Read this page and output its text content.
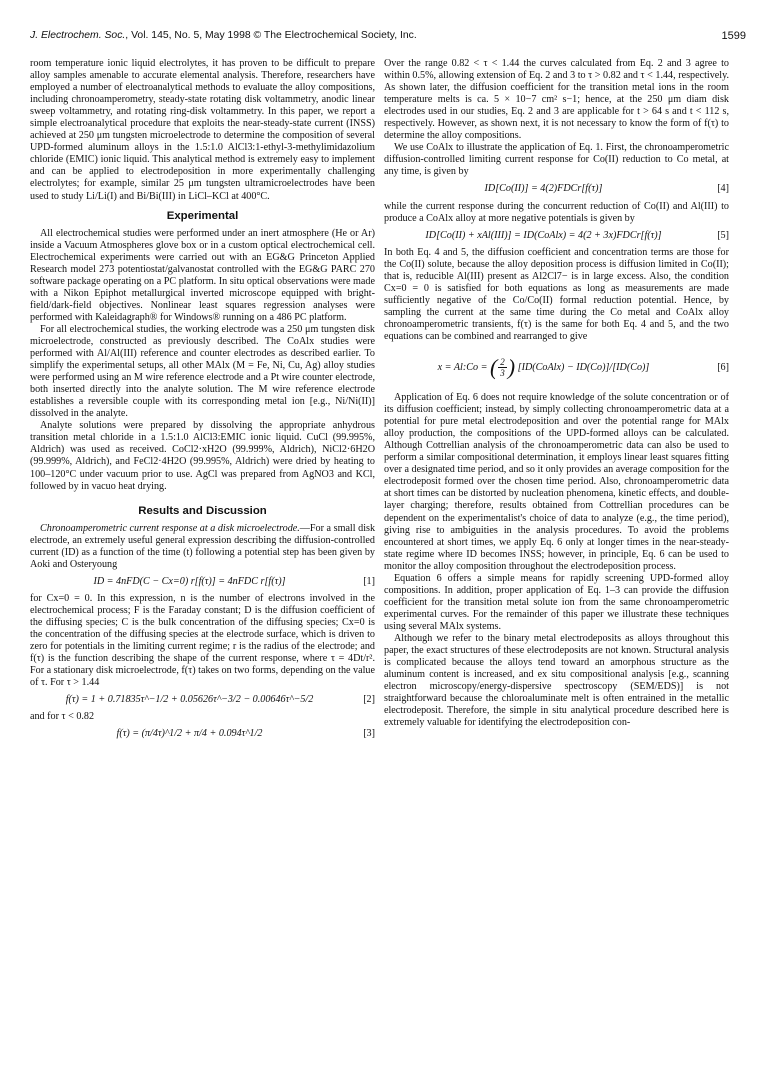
J. Electrochem. Soc., Vol. 145, No. 5, May 1998 © The Electrochemical Society, Inc.	1599

room temperature ionic liquid electrolytes, it has proven to be difficult to prepare alloy samples amenable to accurate elemental analysis. Therefore, researchers have employed a number of electroanalytical methods to evaluate the alloy compositions, including chronoamperometry, steady-state rotating disk voltammetry, anodic linear sweep voltammetry, and rotating ring-disk voltammetry. In this paper, we report a simple electroanalytical procedure that exploits the near-steady-state current (INSS) achieved at 250 μm tungsten microelectrode to determine the composition of several UPD-formed aluminum alloys in the 1.5:1.0 AlCl3:1-ethyl-3-methylimidazolium chloride (EMIC) ionic liquid. This analytical method is extremely easy to implement and can be applied to electrodeposition in more experimentally challenging electrolytes; for example, similar 25 μm tungsten ultramicroelectrodes have been used to study Li/Li(I) and Bi/Bi(III) in LiCl–KCl at 400°C.

Experimental

All electrochemical studies were performed under an inert atmosphere (He or Ar) inside a Vacuum Atmospheres glove box or in a custom optical electrochemical cell. Electrochemical experiments were carried out with an EG&G Princeton Applied Research model 273 potentiostat/galvanostat controlled with the EG&G PARC 270 software package operating on a PC platform. In situ optical observations were made with a Nikon Epiphot metallurgical inverted microscope equipped with bright-field/dark-field objectives. Nonlinear least squares regression analyses were performed with Kaleidagraph® for Windows® running on a 486 PC platform.

For all electrochemical studies, the working electrode was a 250 μm tungsten disk microelectrode, constructed as previously described. The CoAlx studies were performed with Al/Al(III) reference and counter electrodes as described earlier. To simplify the experimental setups, all other MAlx (M = Fe, Ni, Cu, Ag) alloy studies were performed using an M wire reference electrode and a Pt wire counter electrode, both inserted directly into the analyte solution. The M wire reference electrode establishes a reversible couple with its corresponding metal ion [e.g., Ni/Ni(II)] dissolved in the analyte.

Analyte solutions were prepared by dissolving the appropriate anhydrous transition metal chloride in a 1.5:1.0 AlCl3:EMIC ionic liquid. CuCl (99.995%, Aldrich) was used as received. CoCl2·xH2O (99.999%, Aldrich), NiCl2·6H2O (99.999%, Aldrich), and FeCl2·4H2O (99.995%, Aldrich) were dried by heating to 100–120°C under vacuum prior to use. AgCl was prepared from AgNO3 and KCl, followed by in vacuo heat drying.

Results and Discussion

Chronoamperometric current response at a disk microelectrode.—For a small disk electrode, an extremely useful general expression describing the diffusion-controlled current (ID) as a function of the time (t) following a potential step has been given by Aoki and Osteryoung

ID = 4nFD(C − Cx=0) r[f(τ)] = 4nFDC r[f(τ)]	[1]

for Cx=0 = 0. In this expression, n is the number of electrons involved in the electrochemical process; F is the Faraday constant; D is the diffusion coefficient of the diffusing species; C is the bulk concentration of the diffusing species; Cx=0 is the concentration of the diffusing species at the electrode surface, which is driven to zero for potentials in the limiting current regime; r is the radius of the electrode; and f(τ) is the function describing the shape of the current response, where τ = 4Dt/r². For a stationary disk microelectrode, f(τ) takes on two forms, depending on the value of τ. For τ > 1.44

f(τ) = 1 + 0.71835τ^−1/2 + 0.05626τ^−3/2 − 0.00646τ^−5/2	[2]

and for τ < 0.82

f(τ) = (π/4τ)^1/2 + π/4 + 0.094τ^1/2	[3]

Over the range 0.82 < τ < 1.44 the curves calculated from Eq. 2 and 3 agree to within 0.5%, allowing extension of Eq. 2 and 3 to τ > 0.82 and τ < 1.44, respectively. As shown later, the diffusion coefficient for the transition metal ions in the room temperature melts is ca. 5 × 10−7 cm² s−1; hence, at the 250 μm diam disk electrodes used in our studies, Eq. 2 and 3 are applicable for t > 64 s and t < 112 s, respectively. However, as shown next, it is not necessary to know the form of f(τ) to determine the alloy compositions.

We use CoAlx to illustrate the application of Eq. 1. First, the chronoamperometric diffusion-controlled limiting current response for Co(II) reduction to Co metal, at any time, is given by

ID[Co(II)] = 4(2)FDCr[f(τ)]	[4]

while the current response during the concurrent reduction of Co(II) and Al(III) to produce a CoAlx alloy at more negative potentials is given by

ID[Co(II) + xAl(III)] = ID(CoAlx) = 4(2 + 3x)FDCr[f(τ)]	[5]

In both Eq. 4 and 5, the diffusion coefficient and concentration terms are those for the Co(II) solute, because the alloy deposition process is diffusion limited in Co(II); that is, reducible Al(III) present as Al2Cl7− is in large excess. Also, the condition Cx=0 = 0 is satisfied for both equations as long as measurements are made sufficiently negative of the Co/Co(II) formal reduction potential. Hence, by sampling the current at the same time during the Co metal and CoAlx alloy chronoamperometric transients, f(τ) is the same for both Eq. 4 and 5, and the two equations can be combined and rearranged to give

x = Al:Co = ( $\frac{2}{3}$ ) [ID(CoAlx) − ID(Co)]/[ID(Co)]	[6]

Application of Eq. 6 does not require knowledge of the solute concentration or of its diffusion coefficient; instead, by simply collecting chronoamperometric data at a potential for pure metal electrodeposition and over the potential range for MAlx alloy production, the compositions of the UPD-formed alloys can be calculated. Although Cottrellian analysis of the chronoamperometric data can also be used to perform a similar compositional determination, it employs linear least squares fitting over a designated time period, and so it only provides an average composition for the electrodeposit formed over the chosen time period. Also, chronoamperometric data at short times can be distorted by nucleation phenomena, kinetic effects, and double-layer charging; therefore, results obtained from Cottrellian procedures can be dependent on the experimentalist's choice of data to analyze (e.g., the time period), giving rise to ambiguities in the analysis procedures. To avoid the problems encountered at short times, we apply Eq. 6 only at longer times in the near-steady-state regime where ID becomes INSS; however, in principle, Eq. 6 can be used to monitor the alloy composition throughout the electrodeposition process.

Equation 6 offers a simple means for rapidly screening UPD-formed alloy compositions. In addition, proper application of Eq. 1–3 can provide the diffusion coefficient for the transition metal solute ion from the same chronoamperometric experimental curves. For the remainder of this paper we illustrate these techniques using several MAlx systems.

Although we refer to the binary metal electrodeposits as alloys throughout this paper, the exact structures of these electrodeposits are not known. Structural analysis is complicated because the alloys tend toward an amorphous structure as the aluminum content is increased, and ex situ compositional analysis [e.g., scanning electron microscopy/energy-dispersive spectroscopy (SEM/EDS)] is not straightforward because the chloroaluminate melt is often entrained in the metallic electrodeposit. Therefore, the simple in situ analytical procedure described here is extremely valuable for identifying the electrodeposition con-
